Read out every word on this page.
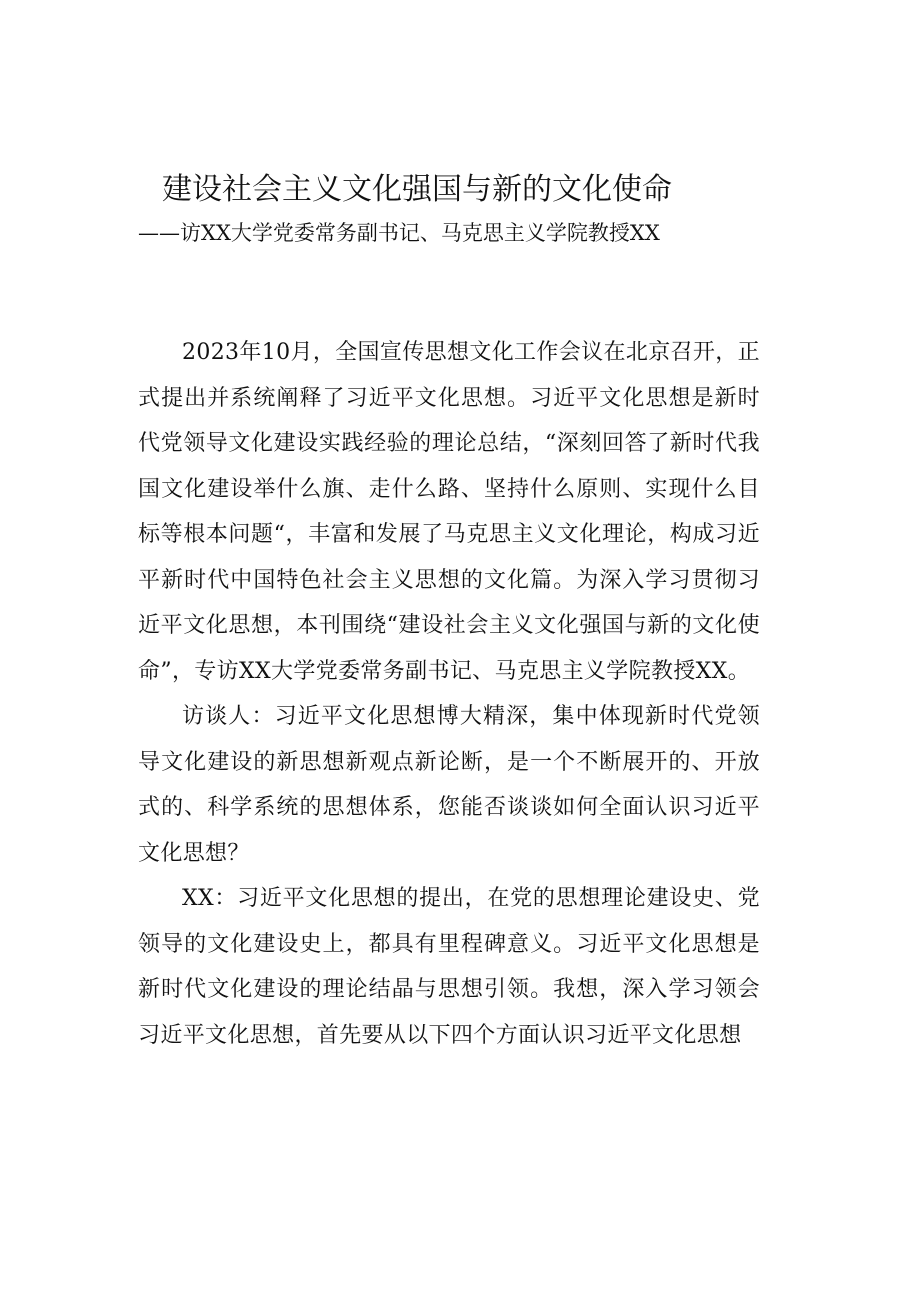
建设社会主义文化强国与新的文化使命
——访XX大学党委常务副书记、马克思主义学院教授XX

2023年10月，全国宣传思想文化工作会议在北京召开，正式提出并系统阐释了习近平文化思想。习近平文化思想是新时代党领导文化建设实践经验的理论总结，“深刻回答了新时代我国文化建设举什么旗、走什么路、坚持什么原则、实现什么目标等根本问题“，丰富和发展了马克思主义文化理论，构成习近平新时代中国特色社会主义思想的文化篇。为深入学习贯彻习近平文化思想，本刊围绕“建设社会主义文化强国与新的文化使命”，专访XX大学党委常务副书记、马克思主义学院教授XX。

访谈人：习近平文化思想博大精深，集中体现新时代党领导文化建设的新思想新观点新论断，是一个不断展开的、开放式的、科学系统的思想体系，您能否谈谈如何全面认识习近平文化思想？

XX：习近平文化思想的提出，在党的思想理论建设史、党领导的文化建设史上，都具有里程碑意义。习近平文化思想是新时代文化建设的理论结晶与思想引领。我想，深入学习领会习近平文化思想，首先要从以下四个方面认识习近平文化思想
